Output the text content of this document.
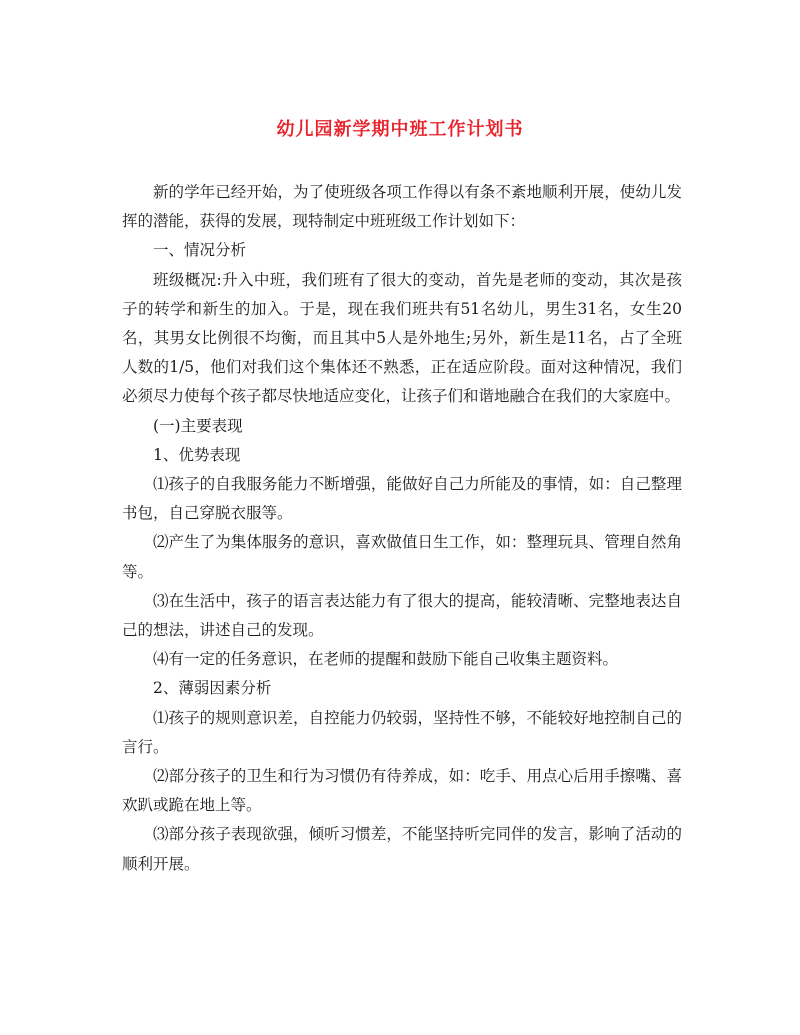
幼儿园新学期中班工作计划书

新的学年已经开始，为了使班级各项工作得以有条不紊地顺利开展，使幼儿发挥的潜能，获得的发展，现特制定中班班级工作计划如下：

一、情况分析

班级概况:升入中班，我们班有了很大的变动，首先是老师的变动，其次是孩子的转学和新生的加入。于是，现在我们班共有51名幼儿，男生31名，女生20名，其男女比例很不均衡，而且其中5人是外地生;另外，新生是11名，占了全班人数的1/5，他们对我们这个集体还不熟悉，正在适应阶段。面对这种情况，我们必须尽力使每个孩子都尽快地适应变化，让孩子们和谐地融合在我们的大家庭中。

(一)主要表现

1、优势表现

⑴孩子的自我服务能力不断增强，能做好自己力所能及的事情，如：自己整理书包，自己穿脱衣服等。

⑵产生了为集体服务的意识，喜欢做值日生工作，如：整理玩具、管理自然角等。

⑶在生活中，孩子的语言表达能力有了很大的提高，能较清晰、完整地表达自己的想法，讲述自己的发现。

⑷有一定的任务意识，在老师的提醒和鼓励下能自己收集主题资料。

2、薄弱因素分析

⑴孩子的规则意识差，自控能力仍较弱，坚持性不够，不能较好地控制自己的言行。

⑵部分孩子的卫生和行为习惯仍有待养成，如：吃手、用点心后用手擦嘴、喜欢趴或跪在地上等。

⑶部分孩子表现欲强，倾听习惯差，不能坚持听完同伴的发言，影响了活动的顺利开展。
